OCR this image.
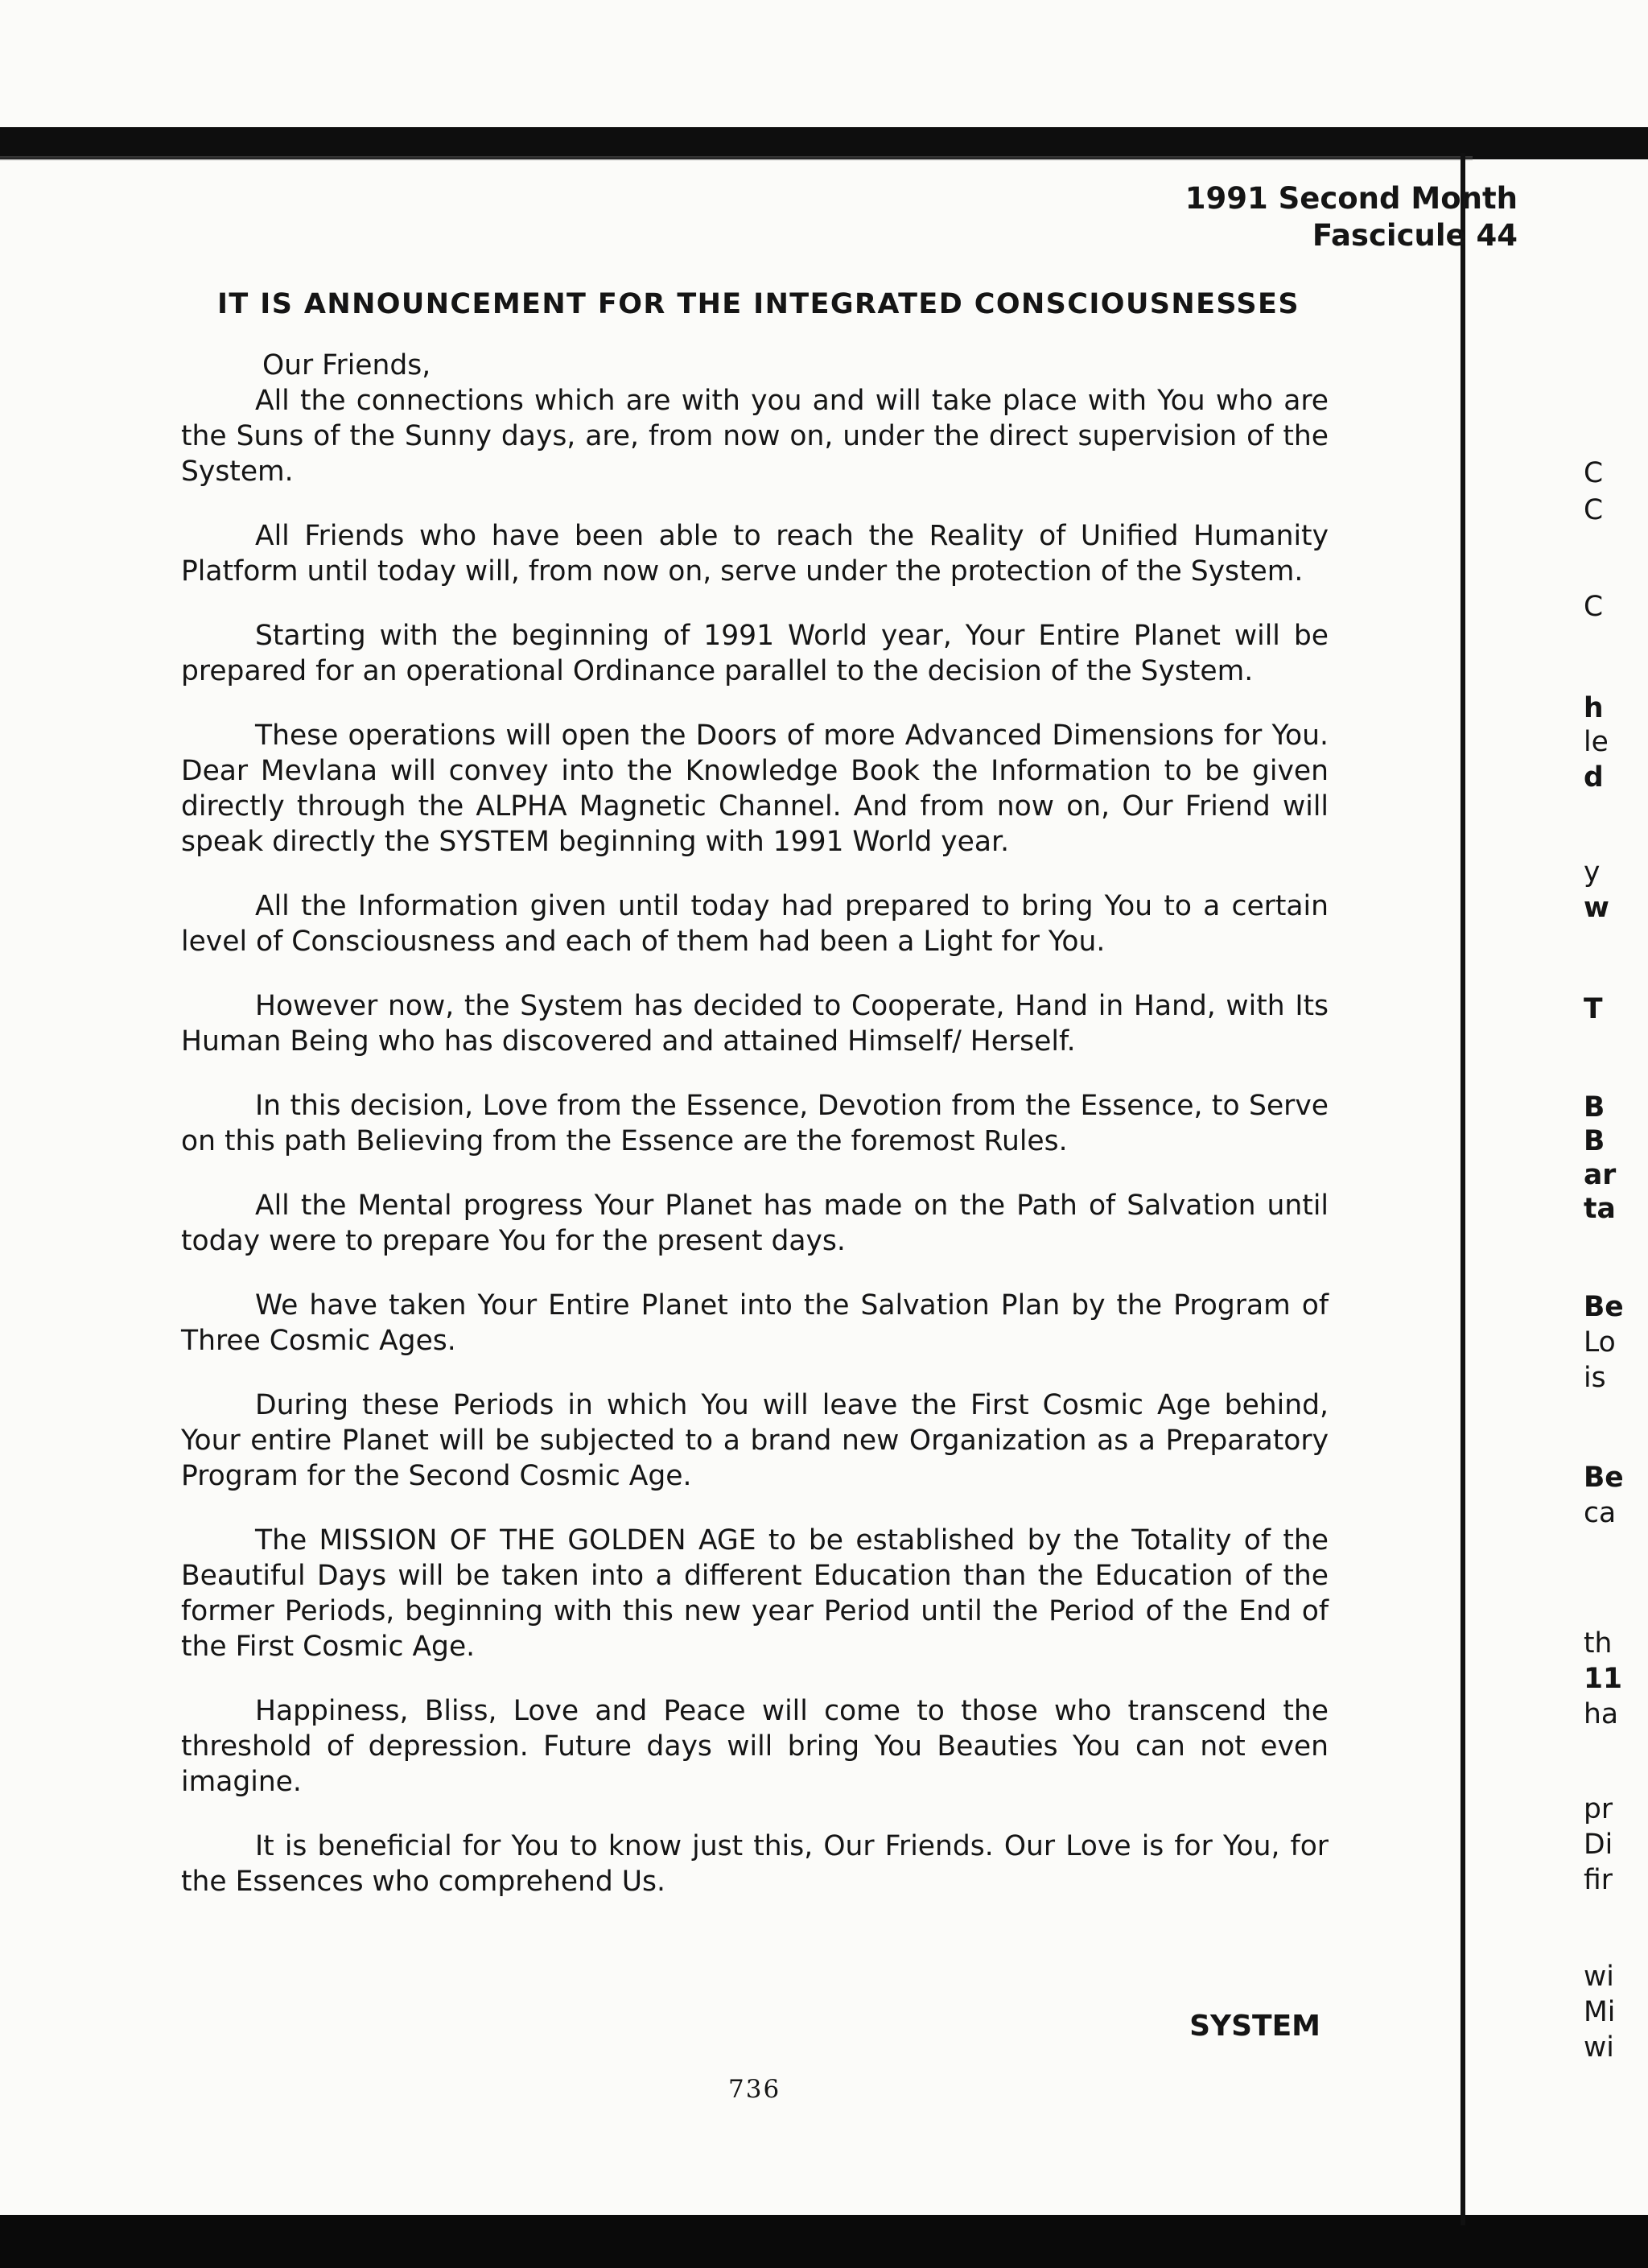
1991 Second Month
Fascicule 44
IT IS ANNOUNCEMENT FOR THE INTEGRATED CONSCIOUSNESSES
Our Friends,

All the connections which are with you and will take place with You who are the Suns of the Sunny days, are, from now on, under the direct supervision of the System.

All Friends who have been able to reach the Reality of Unified Humanity Platform until today will, from now on, serve under the protection of the System.

Starting with the beginning of 1991 World year, Your Entire Planet will be prepared for an operational Ordinance parallel to the decision of the System.

These operations will open the Doors of more Advanced Dimensions for You. Dear Mevlana will convey into the Knowledge Book the Information to be given directly through the ALPHA Magnetic Channel. And from now on, Our Friend will speak directly the SYSTEM beginning with 1991 World year.

All the Information given until today had prepared to bring You to a certain level of Consciousness and each of them had been a Light for You.

However now, the System has decided to Cooperate, Hand in Hand, with Its Human Being who has discovered and attained Himself/ Herself.

In this decision, Love from the Essence, Devotion from the Essence, to Serve on this path Believing from the Essence are the foremost Rules.

All the Mental progress Your Planet has made on the Path of Salvation until today were to prepare You for the present days.

We have taken Your Entire Planet into the Salvation Plan by the Program of Three Cosmic Ages.

During these Periods in which You will leave the First Cosmic Age behind, Your entire Planet will be subjected to a brand new Organization as a Preparatory Program for the Second Cosmic Age.

The MISSION OF THE GOLDEN AGE to be established by the Totality of the Beautiful Days will be taken into a different Education than the Education of the former Periods, beginning with this new year Period until the Period of the End of the First Cosmic Age.

Happiness, Bliss, Love and Peace will come to those who transcend the threshold of depression. Future days will bring You Beauties You can not even imagine.

It is beneficial for You to know just this, Our Friends. Our Love is for You, for the Essences who comprehend Us.

SYSTEM
736
C
C
C
h
le
d
y
w
T
B
B
ar
ta
Be
Lo
is
Be
ca
th
11
ha
pr
Di
fir
wi
Mi
wi
